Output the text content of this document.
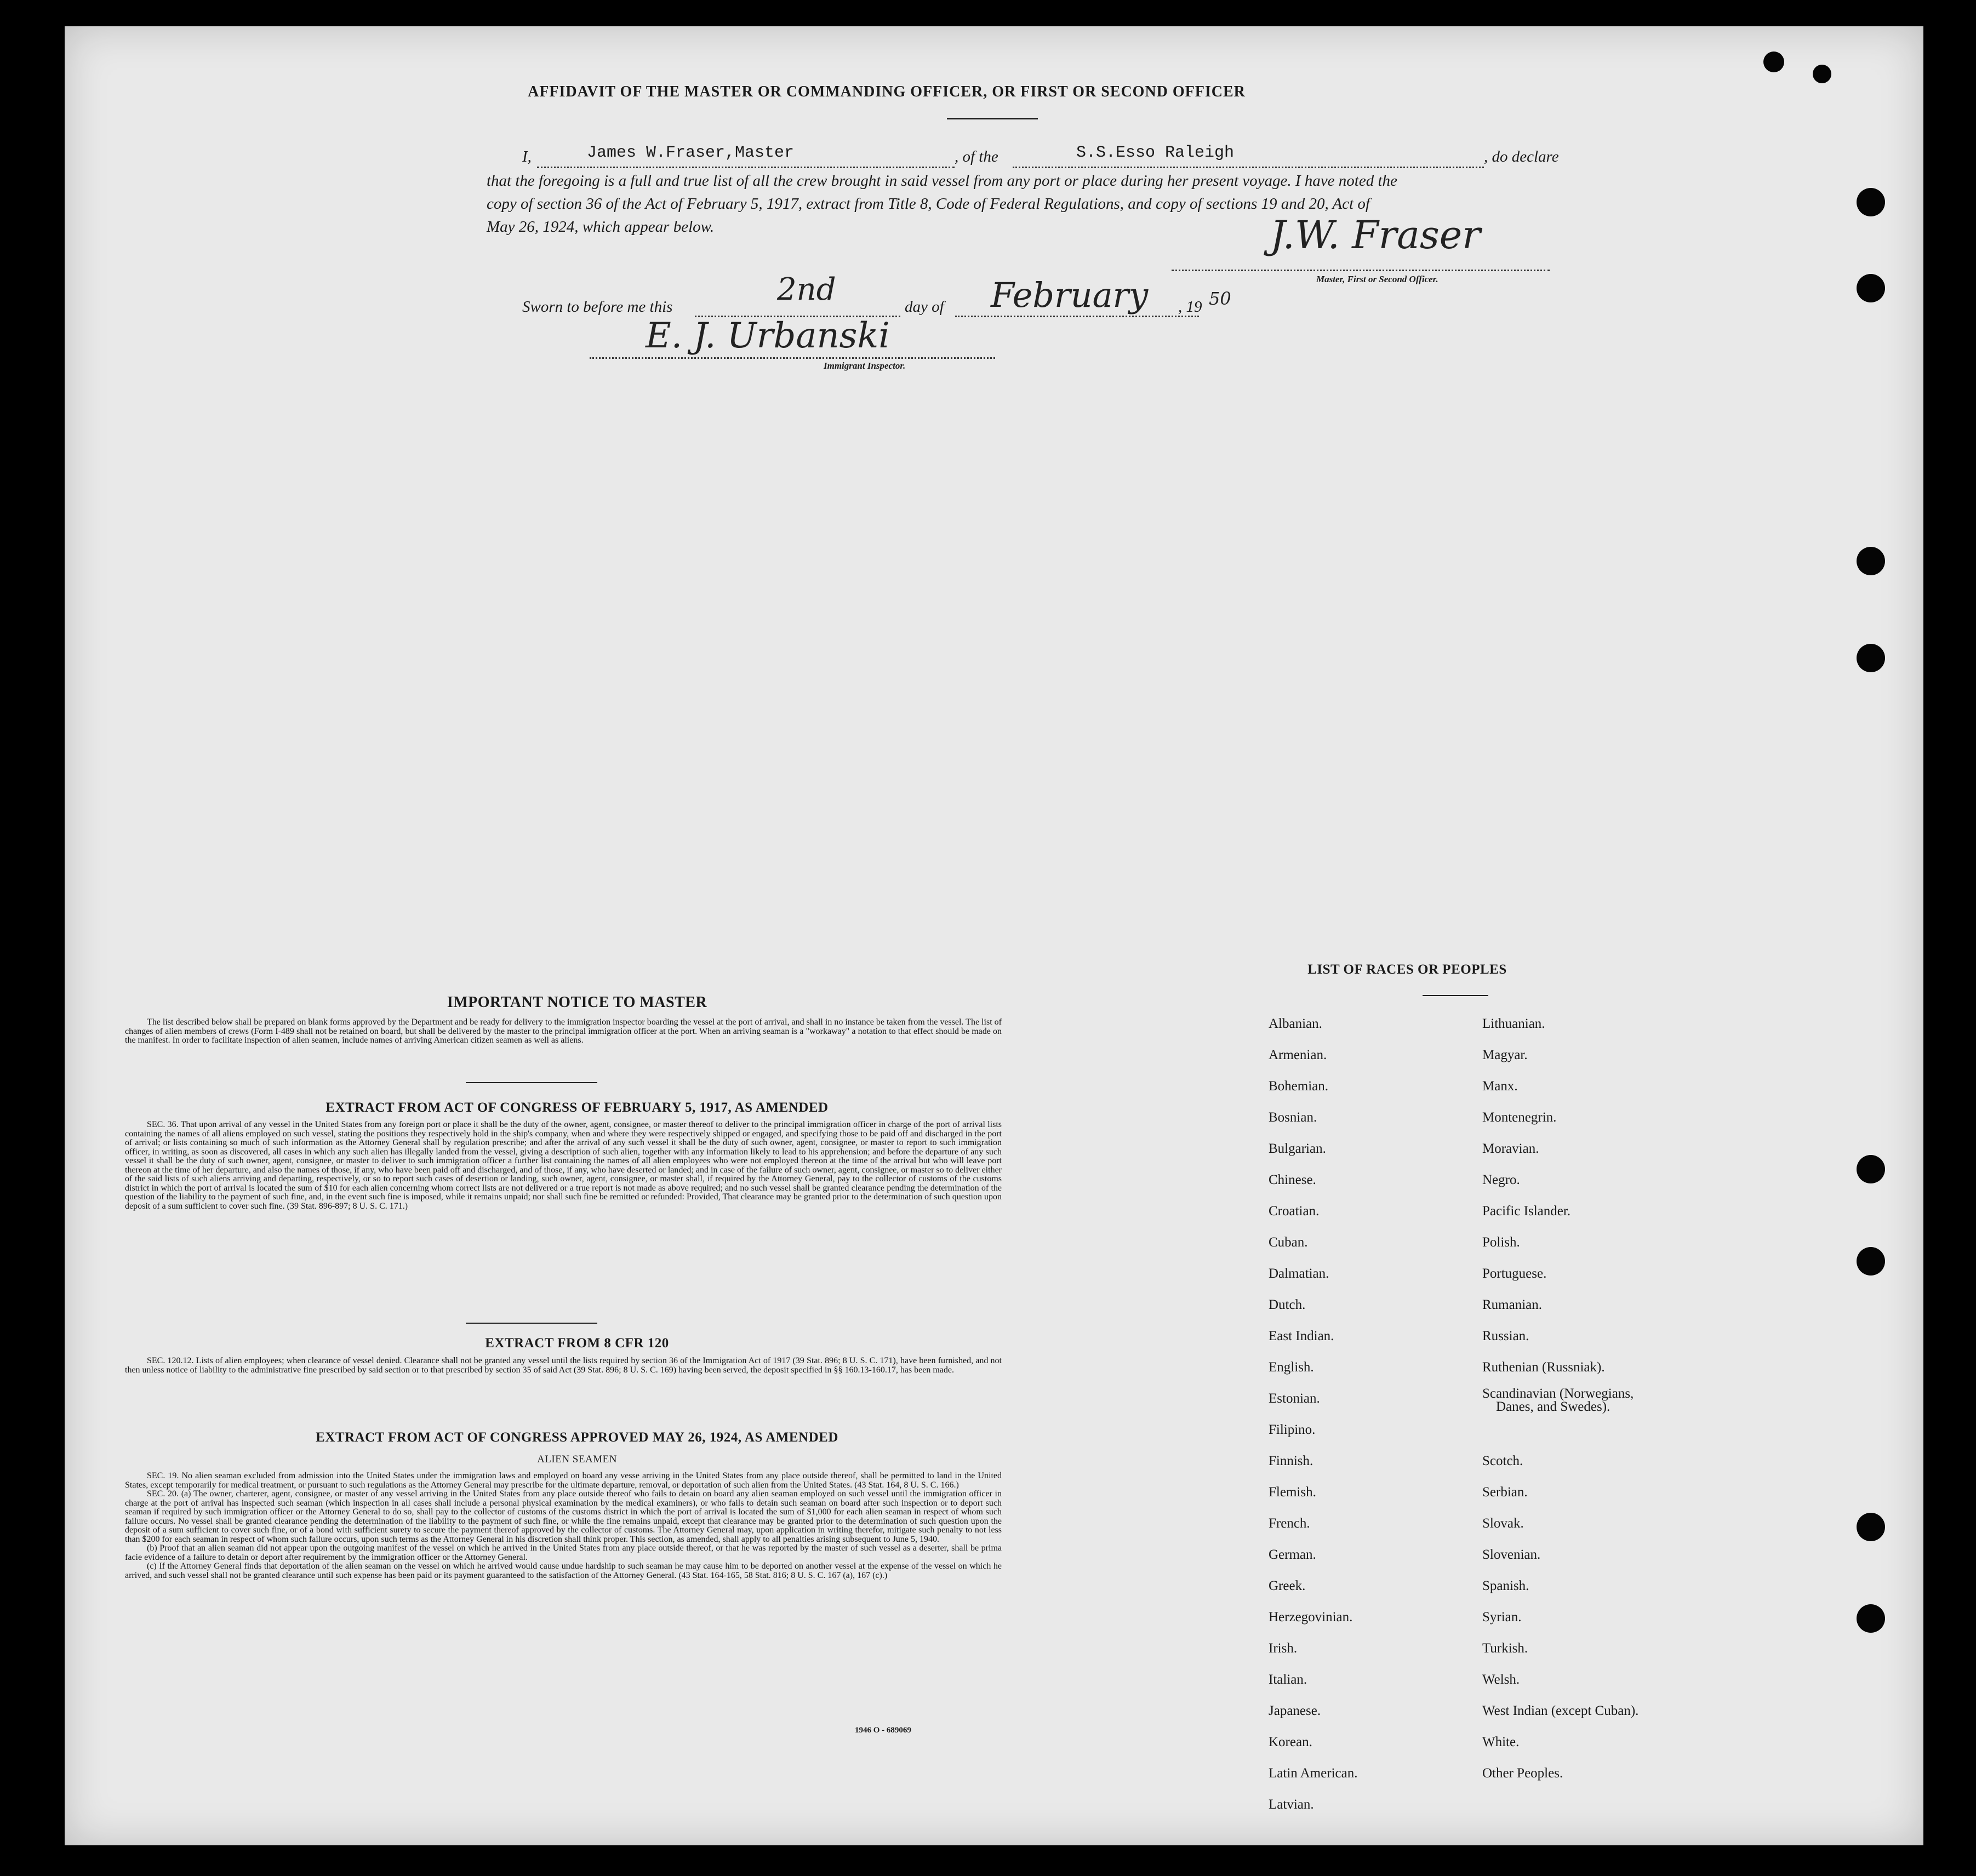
AFFIDAVIT OF THE MASTER OR COMMANDING OFFICER, OR FIRST OR SECOND OFFICER
I,	James W.Fraser,Master	, of the	S.S.Esso Raleigh	, do declare
that the foregoing is a full and true list of all the crew brought in said vessel from any port or place during her present voyage. I have noted the
copy of section 36 of the Act of February 5, 1917, extract from Title 8, Code of Federal Regulations, and copy of sections 19 and 20, Act of
May 26, 1924, which appear below.	J.W. Fraser
Master, First or Second Officer.
Sworn to before me this	2nd	day of February , 19 50
E. J. Urbanski
Immigrant Inspector.
IMPORTANT NOTICE TO MASTER

The list described below shall be prepared on blank forms approved by the Department and be ready for delivery to the immigration inspector boarding the vessel at the port of arrival, and shall in no instance be taken from the vessel. The list of changes of alien members of crews (Form I-489 shall not be retained on board, but shall be delivered by the master to the principal immigration officer at the port. When an arriving seaman is a "workaway" a notation to that effect should be made on the manifest. In order to facilitate inspection of alien seamen, include names of arriving American citizen seamen as well as aliens.

EXTRACT FROM ACT OF CONGRESS OF FEBRUARY 5, 1917, AS AMENDED

SEC. 36. That upon arrival of any vessel in the United States from any foreign port or place it shall be the duty of the owner, agent, consignee, or master thereof to deliver to the principal immigration officer in charge of the port of arrival lists containing the names of all aliens employed on such vessel, stating the positions they respectively hold in the ship's company, when and where they were respectively shipped or engaged, and specifying those to be paid off and discharged in the port of arrival; or lists containing so much of such information as the Attorney General shall by regulation prescribe; and after the arrival of any such vessel it shall be the duty of such owner, agent, consignee, or master to report to such immigration officer, in writing, as soon as discovered, all cases in which any such alien has illegally landed from the vessel, giving a description of such alien, together with any information likely to lead to his apprehension; and before the departure of any such vessel it shall be the duty of such owner, agent, consignee, or master to deliver to such immigration officer a further list containing the names of all alien employees who were not employed thereon at the time of the arrival but who will leave port thereon at the time of her departure, and also the names of those, if any, who have been paid off and discharged, and of those, if any, who have deserted or landed; and in case of the failure of such owner, agent, consignee, or master so to deliver either of the said lists of such aliens arriving and departing, respectively, or so to report such cases of desertion or landing, such owner, agent, consignee, or master shall, if required by the Attorney General, pay to the collector of customs of the customs district in which the port of arrival is located the sum of $10 for each alien concerning whom correct lists are not delivered or a true report is not made as above required; and no such vessel shall be granted clearance pending the determination of the question of the liability to the payment of such fine, and, in the event such fine is imposed, while it remains unpaid; nor shall such fine be remitted or refunded: Provided, That clearance may be granted prior to the determination of such question upon deposit of a sum sufficient to cover such fine. (39 Stat. 896-897; 8 U. S. C. 171.)

EXTRACT FROM 8 CFR 120

SEC. 120.12. Lists of alien employees; when clearance of vessel denied. Clearance shall not be granted any vessel until the lists required by section 36 of the Immigration Act of 1917 (39 Stat. 896; 8 U. S. C. 171), have been furnished, and not then unless notice of liability to the administrative fine prescribed by said section or to that prescribed by section 35 of said Act (39 Stat. 896; 8 U. S. C. 169) having been served, the deposit specified in §§ 160.13-160.17, has been made.

EXTRACT FROM ACT OF CONGRESS APPROVED MAY 26, 1924, AS AMENDED
ALIEN SEAMEN

SEC. 19. No alien seaman excluded from admission into the United States under the immigration laws and employed on board any vesse arriving in the United States from any place outside thereof, shall be permitted to land in the United States, except temporarily for medical treatment, or pursuant to such regulations as the Attorney General may prescribe for the ultimate departure, removal, or deportation of such alien from the United States. (43 Stat. 164, 8 U. S. C. 166.)

SEC. 20. (a) The owner, charterer, agent, consignee, or master of any vessel arriving in the United States from any place outside thereof who fails to detain on board any alien seaman employed on such vessel until the immigration officer in charge at the port of arrival has inspected such seaman (which inspection in all cases shall include a personal physical examination by the medical examiners), or who fails to detain such seaman on board after such inspection or to deport such seaman if required by such immigration officer or the Attorney General to do so, shall pay to the collector of customs of the customs district in which the port of arrival is located the sum of $1,000 for each alien seaman in respect of whom such failure occurs. No vessel shall be granted clearance pending the determination of the liability to the payment of such fine, or while the fine remains unpaid, except that clearance may be granted prior to the determination of such question upon the deposit of a sum sufficient to cover such fine, or of a bond with sufficient surety to secure the payment thereof approved by the collector of customs. The Attorney General may, upon application in writing therefor, mitigate such penalty to not less than $200 for each seaman in respect of whom such failure occurs, upon such terms as the Attorney General in his discretion shall think proper. This section, as amended, shall apply to all penalties arising subsequent to June 5, 1940.

(b) Proof that an alien seaman did not appear upon the outgoing manifest of the vessel on which he arrived in the United States from any place outside thereof, or that he was reported by the master of such vessel as a deserter, shall be prima facie evidence of a failure to detain or deport after requirement by the immigration officer or the Attorney General.

(c) If the Attorney General finds that deportation of the alien seaman on the vessel on which he arrived would cause undue hardship to such seaman he may cause him to be deported on another vessel at the expense of the vessel on which he arrived, and such vessel shall not be granted clearance until such expense has been paid or its payment guaranteed to the satisfaction of the Attorney General. (43 Stat. 164-165, 58 Stat. 816; 8 U. S. C. 167 (a), 167 (c).)

1946 O - 689069
LIST OF RACES OR PEOPLES
Albanian.
Armenian.
Bohemian.
Bosnian.
Bulgarian.
Chinese.
Croatian.
Cuban.
Dalmatian.
Dutch.
East Indian.
English.
Estonian.
Filipino.
Finnish.
Flemish.
French.
German.
Greek.
Herzegovinian.
Irish.
Italian.
Japanese.
Korean.
Latin American.
Latvian.
Lithuanian.
Magyar.
Manx.
Montenegrin.
Moravian.
Negro.
Pacific Islander.
Polish.
Portuguese.
Rumanian.
Russian.
Ruthenian (Russniak).
Scandinavian (Norwegians,
Danes, and Swedes).
Scotch.
Serbian.
Slovak.
Slovenian.
Spanish.
Syrian.
Turkish.
Welsh.
West Indian (except Cuban).
White.
Other Peoples.
